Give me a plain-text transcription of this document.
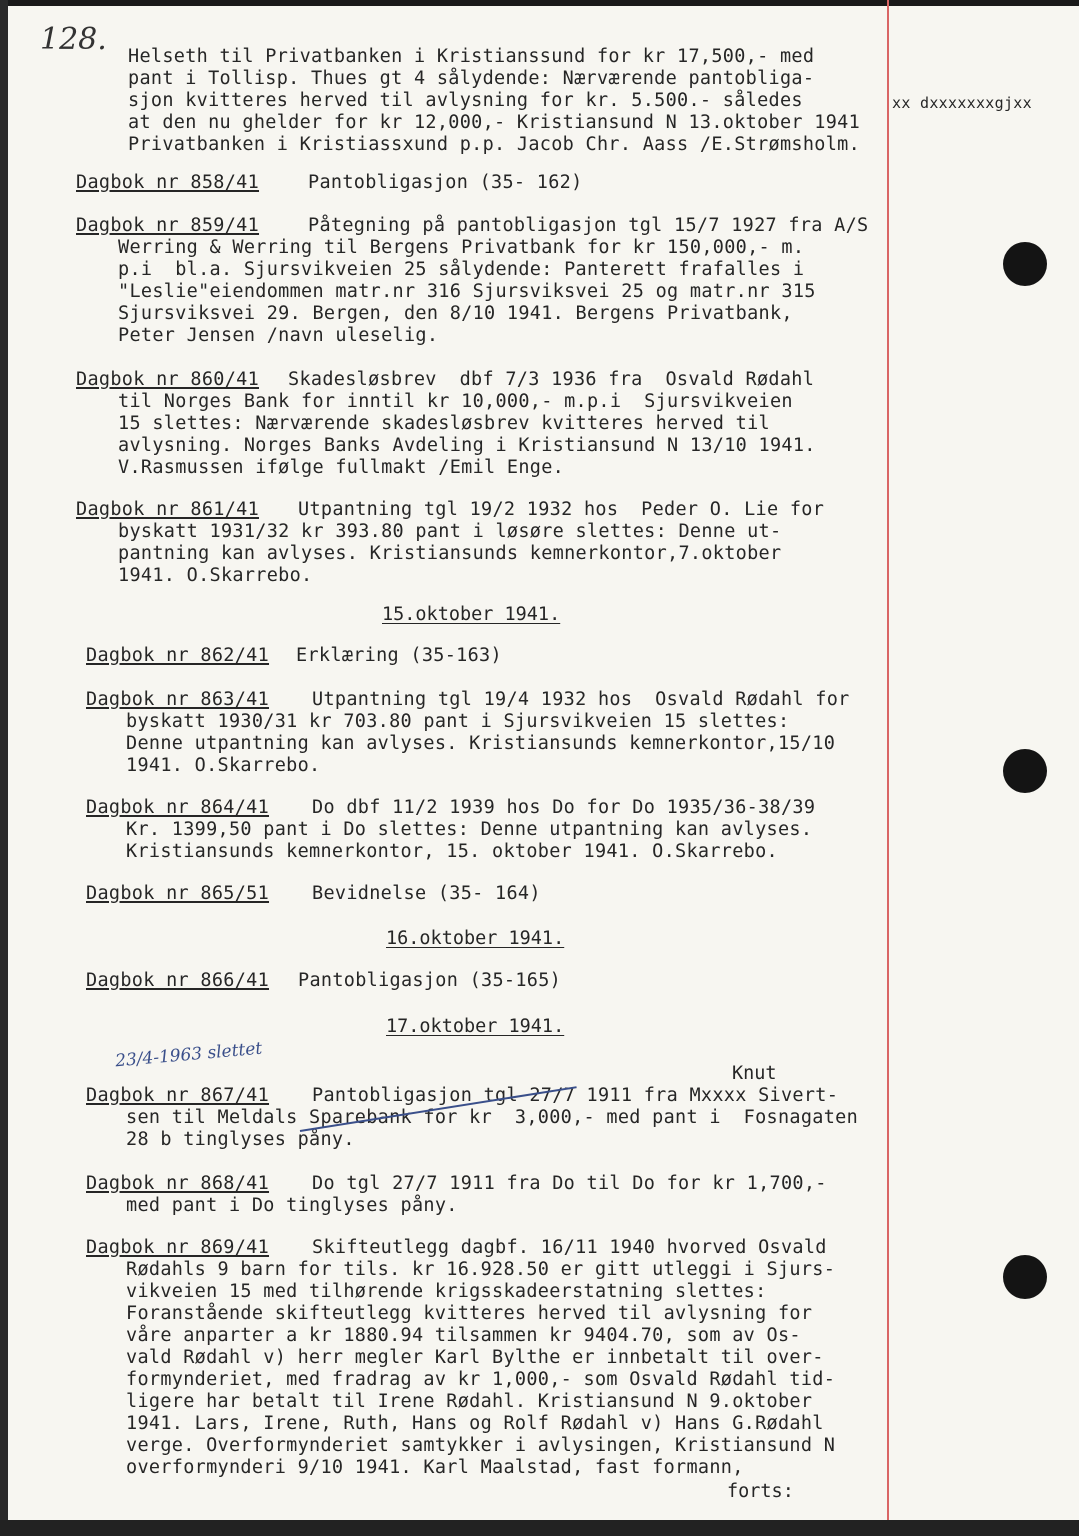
128. Helseth til Privatbanken i Kristianssund for kr 17,500,- med
pant i Tollisp. Thues gt 4 sålydende: Nærværende pantobliga-
sjon kvitteres herved til avlysning for kr. 5.500.- således	xx dxxxxxxxgjxx
at den nu ghelder for kr 12,000,- Kristiansund N 13.oktober 1941
Privatbanken i Kristiassxund p.p. Jacob Chr. Aass /E.Strømsholm.
Dagbok nr 858/41	Pantobligasjon (35- 162)
Dagbok nr 859/41	Påtegning på pantobligasjon tgl 15/7 1927 fra A/S
Werring & Werring til Bergens Privatbank for kr 150,000,- m.
p.i  bl.a. Sjursvikveien 25 sålydende: Panterett frafalles i
"Leslie"eiendommen matr.nr 316 Sjursviksvei 25 og matr.nr 315
Sjursviksvei 29. Bergen, den 8/10 1941. Bergens Privatbank,
Peter Jensen /navn uleselig.
Dagbok nr 860/41 Skadesløsbrev  dbf 7/3 1936 fra  Osvald Rødahl
til Norges Bank for inntil kr 10,000,- m.p.i  Sjursvikveien
15 slettes: Nærværende skadesløsbrev kvitteres herved til
avlysning. Norges Banks Avdeling i Kristiansund N 13/10 1941.
V.Rasmussen ifølge fullmakt /Emil Enge.
Dagbok nr 861/41 Utpantning tgl 19/2 1932 hos  Peder O. Lie for
byskatt 1931/32 kr 393.80 pant i løsøre slettes: Denne ut-
pantning kan avlyses. Kristiansunds kemnerkontor,7.oktober
1941. O.Skarrebo.
15.oktober 1941.
Dagbok nr 862/41 Erklæring (35-163)
Dagbok nr 863/41 Utpantning tgl 19/4 1932 hos  Osvald Rødahl for
byskatt 1930/31 kr 703.80 pant i Sjursvikveien 15 slettes:
Denne utpantning kan avlyses. Kristiansunds kemnerkontor,15/10
1941. O.Skarrebo.
Dagbok nr 864/41 Do dbf 11/2 1939 hos Do for Do 1935/36-38/39
Kr. 1399,50 pant i Do slettes: Denne utpantning kan avlyses.
Kristiansunds kemnerkontor, 15. oktober 1941. O.Skarrebo.
Dagbok nr 865/51 Bevidnelse (35- 164)
16.oktober 1941.
Dagbok nr 866/41 Pantobligasjon (35-165)
23/4-1963 slettet
17.oktober 1941.
Knut
Dagbok nr 867/41 Pantobligasjon tgl 27/7 1911 fra Mxxxx Sivert-
sen til Meldals Sparebank for kr  3,000,- med pant i  Fosnagaten
28 b tinglyses påny.
Dagbok nr 868/41 Do tgl 27/7 1911 fra Do til Do for kr 1,700,-
med pant i Do tinglyses påny.
Dagbok nr 869/41 Skifteutlegg dagbf. 16/11 1940 hvorved Osvald
Rødahls 9 barn for tils. kr 16.928.50 er gitt utleggi i Sjurs-
vikveien 15 med tilhørende krigsskadeerstatning slettes:
Foranstående skifteutlegg kvitteres herved til avlysning for
våre anparter a kr 1880.94 tilsammen kr 9404.70, som av Os-
vald Rødahl v) herr megler Karl Bylthe er innbetalt til over-
formynderiet, med fradrag av kr 1,000,- som Osvald Rødahl tid-
ligere har betalt til Irene Rødahl. Kristiansund N 9.oktober
1941. Lars, Irene, Ruth, Hans og Rolf Rødahl v) Hans G.Rødahl
verge. Overformynderiet samtykker i avlysingen, Kristiansund N
overformynderi 9/10 1941. Karl Maalstad, fast formann,
forts:
